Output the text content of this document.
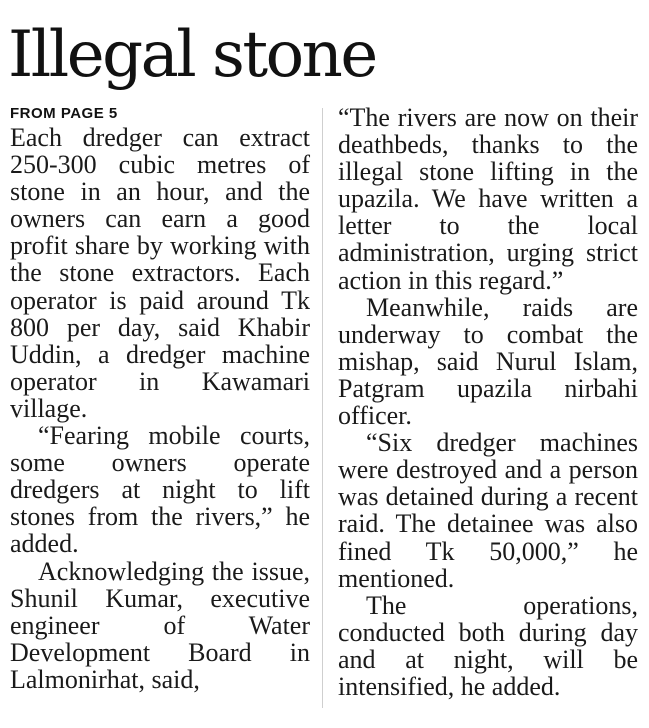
Illegal stone
FROM PAGE 5

Each dredger can extract 250-300 cubic metres of stone in an hour, and the owners can earn a good profit share by working with the stone extractors. Each operator is paid around Tk 800 per day, said Khabir Uddin, a dredger machine operator in Kawamari village.

“Fearing mobile courts, some owners operate dredgers at night to lift stones from the rivers,” he added.

Acknowledging the issue, Shunil Kumar, executive engineer of Water Development Board in Lalmonirhat, said,

“The rivers are now on their deathbeds, thanks to the illegal stone lifting in the upazila. We have written a letter to the local administration, urging strict action in this regard.”

Meanwhile, raids are underway to combat the mishap, said Nurul Islam, Patgram upazila nirbahi officer.

“Six dredger machines were destroyed and a person was detained during a recent raid. The detainee was also fined Tk 50,000,” he mentioned.

The operations, conducted both during day and at night, will be intensified, he added.
